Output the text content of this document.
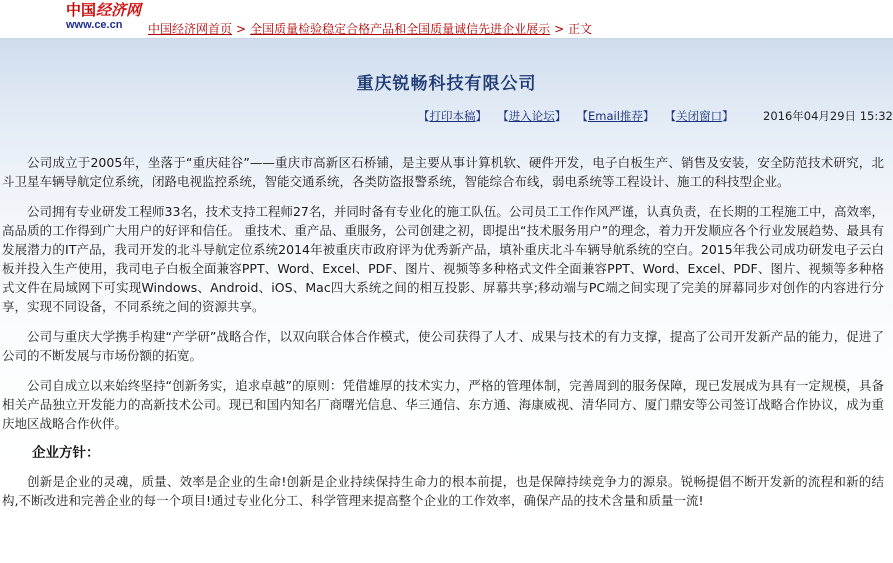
中国经济网
www.ce.cn	中国经济网首页 > 全国质量检验稳定合格产品和全国质量诚信先进企业展示 > 正文
重庆锐畅科技有限公司
【打印本稿】 【进入论坛】 【Email推荐】 【关闭窗口】	2016年04月29日 15:32

公司成立于2005年，坐落于“重庆硅谷”——重庆市高新区石桥铺，是主要从事计算机软、硬件开发，电子白板生产、销售及安装，安全防范技术研究，北斗卫星车辆导航定位系统，闭路电视监控系统，智能交通系统，各类防盗报警系统，智能综合布线，弱电系统等工程设计、施工的科技型企业。

公司拥有专业研发工程师33名，技术支持工程师27名，并同时备有专业化的施工队伍。公司员工工作作风严谨，认真负责，在长期的工程施工中，高效率，高品质的工作得到广大用户的好评和信任。 重技术、重产品、重服务，公司创建之初，即提出“技术服务用户”的理念，着力开发顺应各个行业发展趋势、最具有发展潜力的IT产品，我司开发的北斗导航定位系统2014年被重庆市政府评为优秀新产品，填补重庆北斗车辆导航系统的空白。2015年我公司成功研发电子云白板并投入生产使用，我司电子白板全面兼容PPT、Word、Excel、PDF、图片、视频等多种格式文件全面兼容PPT、Word、Excel、PDF、图片、视频等多种格式文件在局域网下可实现Windows、Android、iOS、Mac四大系统之间的相互投影、屏幕共享;移动端与PC端之间实现了完美的屏幕同步对创作的内容进行分享，实现不同设备，不同系统之间的资源共享。

公司与重庆大学携手构建“产学研”战略合作，以双向联合体合作模式，使公司获得了人才、成果与技术的有力支撑，提高了公司开发新产品的能力，促进了公司的不断发展与市场份额的拓宽。

公司自成立以来始终坚持“创新务实，追求卓越”的原则：凭借雄厚的技术实力，严格的管理体制，完善周到的服务保障，现已发展成为具有一定规模，具备相关产品独立开发能力的高新技术公司。现已和国内知名厂商曙光信息、华三通信、东方通、海康威视、清华同方、厦门鼎安等公司签订战略合作协议，成为重庆地区战略合作伙伴。

企业方针：

创新是企业的灵魂，质量、效率是企业的生命!创新是企业持续保持生命力的根本前提，也是保障持续竞争力的源泉。锐畅提倡不断开发新的流程和新的结构,不断改进和完善企业的每一个项目!通过专业化分工、科学管理来提高整个企业的工作效率，确保产品的技术含量和质量一流!
